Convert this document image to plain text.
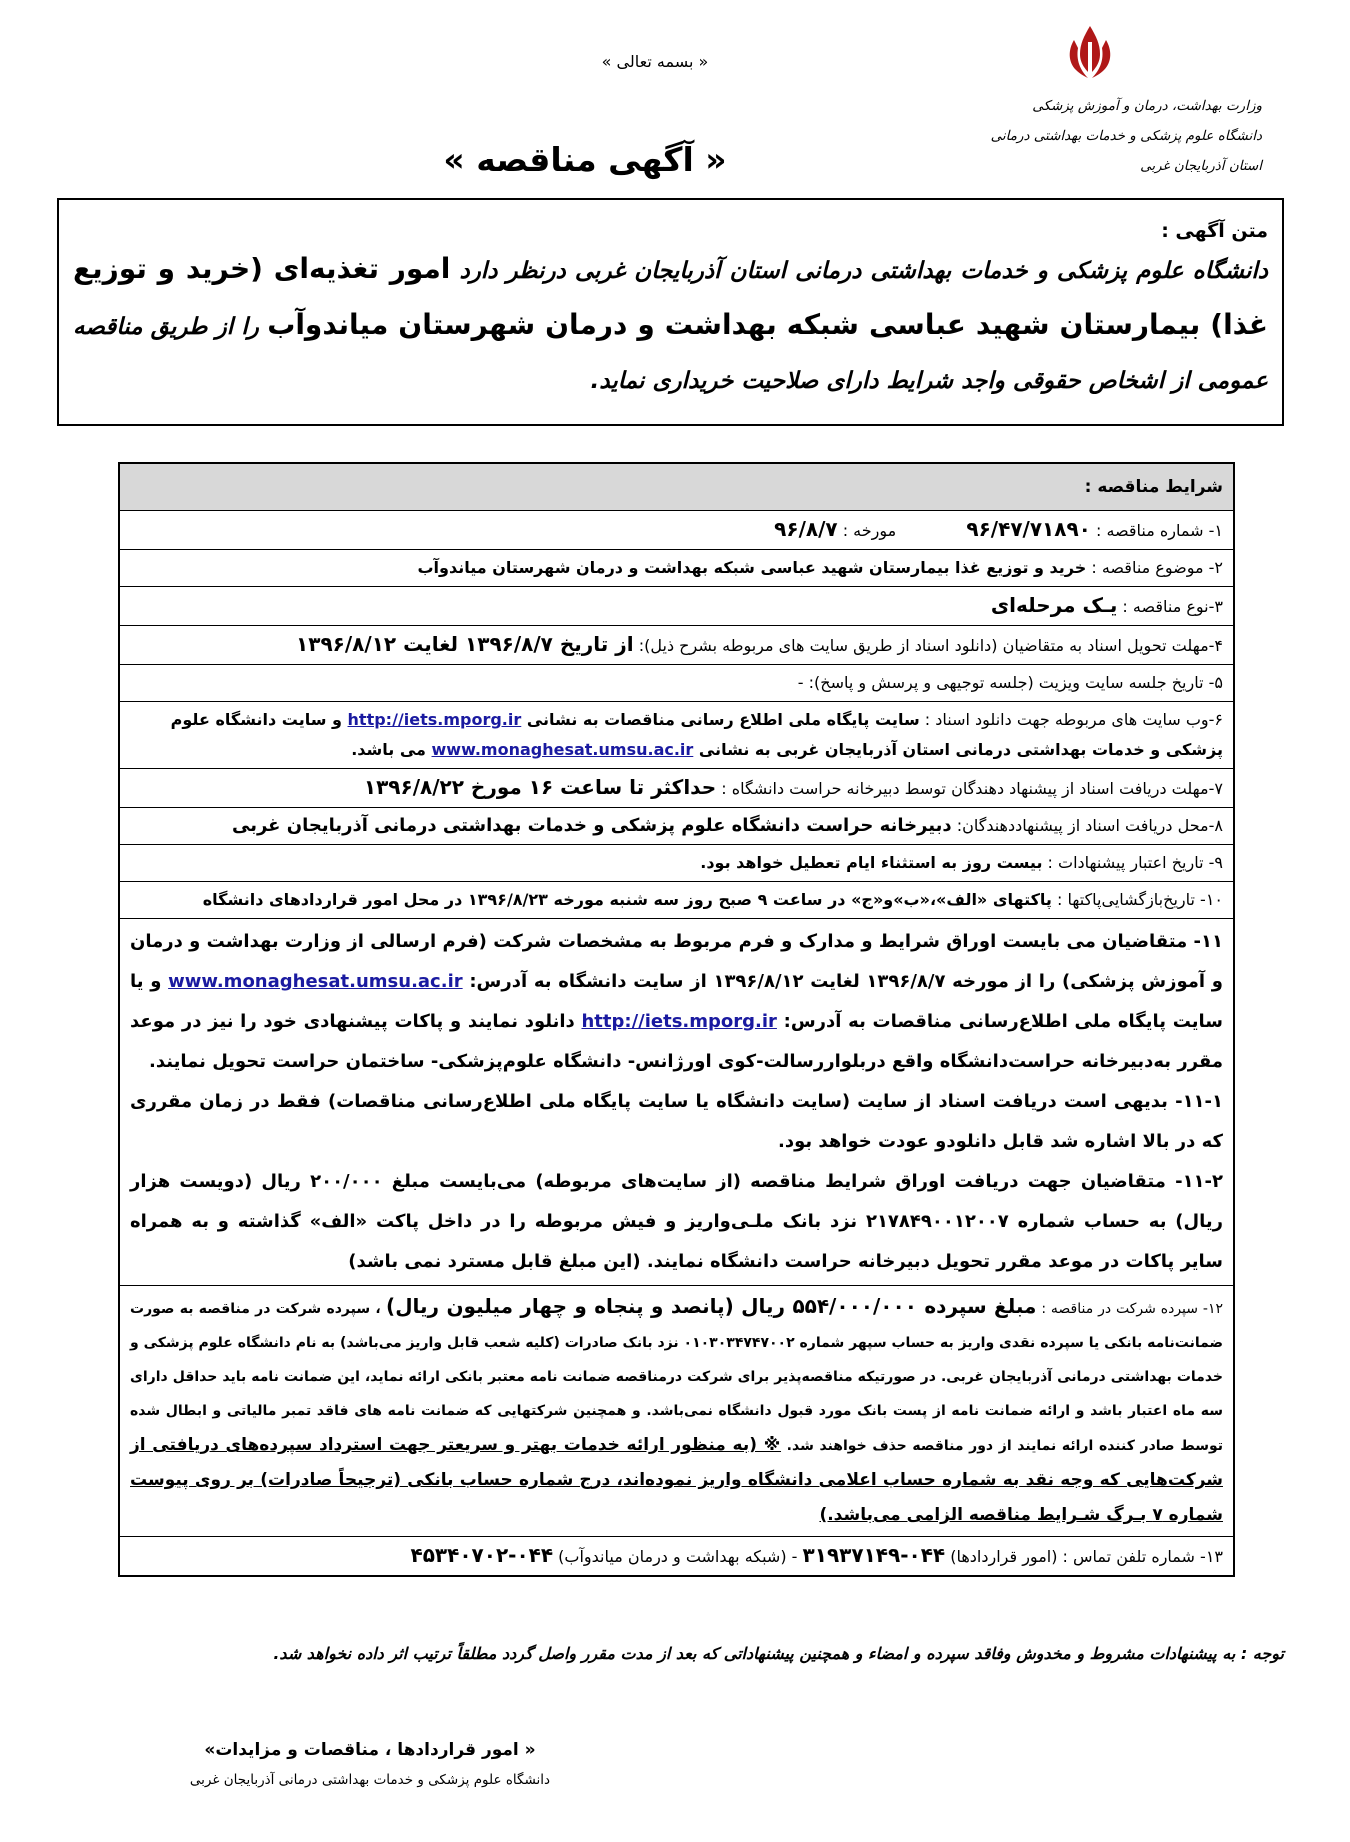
« بسمه تعالی »
وزارت بهداشت، درمان و آموزش پزشکی
دانشگاه علوم پزشکی و خدمات بهداشتی درمانی
استان آذربایجان غربی
« آگهی مناقصه »
متن آگهی :
دانشگاه علوم پزشکی و خدمات بهداشتی درمانی استان آذربایجان غربی درنظر دارد امور تغذیه‌ای (خرید و توزیع غذا) بیمارستان شهید عباسی شبکه بهداشت و درمان شهرستان میاندوآب را از طریق مناقصه عمومی از اشخاص حقوقی واجد شرایط دارای صلاحیت خریداری نماید.
شرایط مناقصه :
۱- شماره مناقصه : ۹۶/۴۷/۷۱۸۹۰  مورخه : ۹۶/۸/۷
۲- موضوع مناقصه : خرید و توزیع غذا بیمارستان شهید عباسی شبکه بهداشت و درمان شهرستان میاندوآب
۳-نوع مناقصه : یـک مرحله‌ای
۴-مهلت تحویل اسناد به متقاضیان (دانلود اسناد از طریق سایت های مربوطه بشرح ذیل): از تاریخ ۱۳۹۶/۸/۷ لغایت ۱۳۹۶/۸/۱۲
۵- تاریخ جلسه سایت ویزیت (جلسه توجیهی و پرسش و پاسخ): -
۶-وب سایت های مربوطه جهت دانلود اسناد : سایت پایگاه ملی اطلاع رسانی مناقصات به نشانی http://iets.mporg.ir و سایت دانشگاه علوم پزشکی و خدمات بهداشتی درمانی استان آذربایجان غربی به نشانی www.monaghesat.umsu.ac.ir می باشد.
۷-مهلت دریافت اسناد از پیشنهاد دهندگان توسط دبیرخانه حراست دانشگاه : حداکثر تا ساعت ۱۶ مورخ ۱۳۹۶/۸/۲۲
۸-محل دریافت اسناد از پیشنهاددهندگان: دبیرخانه حراست دانشگاه علوم پزشکی و خدمات بهداشتی درمانی آذربایجان غربی
۹- تاریخ اعتبار پیشنهادات : بیست روز به استثناء ایام تعطیل خواهد بود.
۱۰- تاریخ‌بازگشایی‌پاکتها : پاکتهای «الف»،«ب»و«ج» در ساعت ۹ صبح روز سه شنبه مورخه ۱۳۹۶/۸/۲۳ در محل امور قراردادهای دانشگاه
۱۱- متقاضیان می بایست اوراق شرایط و مدارک و فرم مربوط به مشخصات شرکت (فرم ارسالی از وزارت بهداشت و درمان و آموزش پزشکی) را از مورخه ۱۳۹۶/۸/۷ لغایت ۱۳۹۶/۸/۱۲ از سایت دانشگاه به آدرس: www.monaghesat.umsu.ac.ir و یا سایت پایگاه ملی اطلاع‌رسانی مناقصات به آدرس: http://iets.mporg.ir دانلود نمایند و پاکات پیشنهادی خود را نیز در موعد مقرر به‌دبیرخانه حراست‌دانشگاه واقع دربلواررسالت-کوی اورژانس- دانشگاه علوم‌پزشکی- ساختمان حراست تحویل نمایند.
۱۱-۱- بدیهی است دریافت اسناد از سایت (سایت دانشگاه یا سایت پایگاه ملی اطلاع‌رسانی مناقصات) فقط در زمان مقرری که در بالا اشاره شد قابل دانلودو عودت خواهد بود.
۱۱-۲- متقاضیان جهت دریافت اوراق شرایط مناقصه (از سایت‌های مربوطه) می‌بایست مبلغ ۲۰۰/۰۰۰ ریال (دویست هزار ریال) به حساب شماره ۲۱۷۸۴۹۰۰۱۲۰۰۷ نزد بانک ملـی‌واریز و فیش مربوطه را در داخل پاکت «الف» گذاشته و به همراه سایر پاکات در موعد مقرر تحویل دبیرخانه حراست دانشگاه نمایند. (این مبلغ قابل مسترد نمی باشد)
۱۲- سپرده شرکت در مناقصه : مبلغ سپرده ۵۵۴/۰۰۰/۰۰۰ ریال (پانصد و پنجاه و چهار میلیون ریال) ، سپرده شرکت در مناقصه به صورت ضمانت‌نامه بانکی یا سپرده نقدی واریز به حساب سپهر شماره ۰۱۰۳۰۳۴۷۴۷۰۰۲ نزد بانک صادرات (کلیه شعب قابل واریز می‌باشد) به نام دانشگاه علوم پزشکی و خدمات بهداشتی درمانی آذربایجان غربی. در صورتیکه مناقصه‌پذیر برای شرکت درمناقصه ضمانت نامه معتبر بانکی ارائه نماید، این ضمانت نامه باید حداقل دارای سه ماه اعتبار باشد و ارائه ضمانت نامه از پست بانک مورد قبول دانشگاه نمی‌باشد. و همچنین شرکتهایی که ضمانت نامه های فاقد تمبر مالیاتی و ابطال شده توسط صادر کننده ارائه نمایند از دور مناقصه حذف خواهند شد. ※ (به منظور ارائه خدمات بهتر و سریعتر جهت استرداد سپرده‌های دریافتی از شرکت‌هایی که وجه نقد به شماره حساب اعلامی دانشگاه واریز نموده‌اند، درج شماره حساب بانکی (ترجیحاً صادرات) بر روی پیوست شماره ۷ بـرگ شـرایط مناقصه الزامی می‌باشد.)
۱۳- شماره تلفن تماس : (امور قراردادها) ۰۴۴-۳۱۹۳۷۱۴۹ - (شبکه بهداشت و درمان میاندوآب) ۰۴۴-۴۵۳۴۰۷۰۲
توجه : به پیشنهادات مشروط و مخدوش وفاقد سپرده و امضاء و همچنین پیشنهاداتی که بعد از مدت مقرر واصل گردد مطلقاً ترتیب اثر داده نخواهد شد.
« امور قراردادها ، مناقصات و مزایدات»
دانشگاه علوم پزشکی و خدمات بهداشتی درمانی آذربایجان غربی
